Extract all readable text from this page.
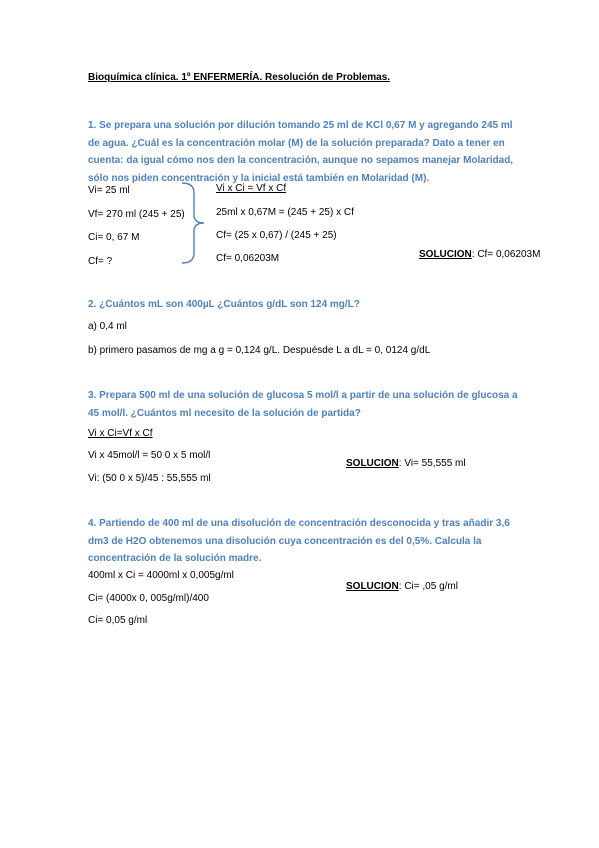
Bioquímica clínica. 1º ENFERMERÍA. Resolución de Problemas.
1. Se prepara una solución por dilución tomando 25 ml de KCl 0,67 M y agregando 245 ml de agua. ¿Cuál es la concentración molar (M) de la solución preparada? Dato a tener en cuenta: da igual cómo nos den la concentración, aunque no sepamos manejar Molaridad, sólo nos piden concentración y la inicial está también en Molaridad (M).
Vi= 25 ml
Vf= 270 ml (245 + 25)
Ci= 0, 67 M
Cf= ?
Vi x Ci = Vf x Cf
25ml x 0,67M = (245 + 25) x Cf
Cf= (25 x 0,67) / (245 + 25)
Cf= 0,06203M	SOLUCION: Cf= 0,06203M
2. ¿Cuántos mL son 400µL ¿Cuántos g/dL son 124 mg/L?
a) 0,4 ml
b) primero pasamos de mg a g = 0,124 g/L. Despuésde L a dL = 0, 0124 g/dL
3. Prepara 500 ml de una solución de glucosa 5 mol/l a partir de una solución de glucosa a 45 mol/l. ¿Cuántos ml necesito de la solución de partida?
Vi x Ci=Vf x Cf
Vi x 45mol/l = 50 0 x 5 mol/l
Vi: (50 0 x 5)/45 : 55,555 ml
SOLUCION: Vi= 55,555 ml
4. Partiendo de 400 ml de una disolución de concentración desconocida y tras añadir 3,6 dm3 de H2O obtenemos una disolución cuya concentración es del 0,5%. Calcula la concentración de la solución madre.
400ml x Ci = 4000ml x 0,005g/ml
Ci= (4000x 0, 005g/ml)/400
Ci= 0,05 g/ml
SOLUCION: Ci= ,05 g/ml
